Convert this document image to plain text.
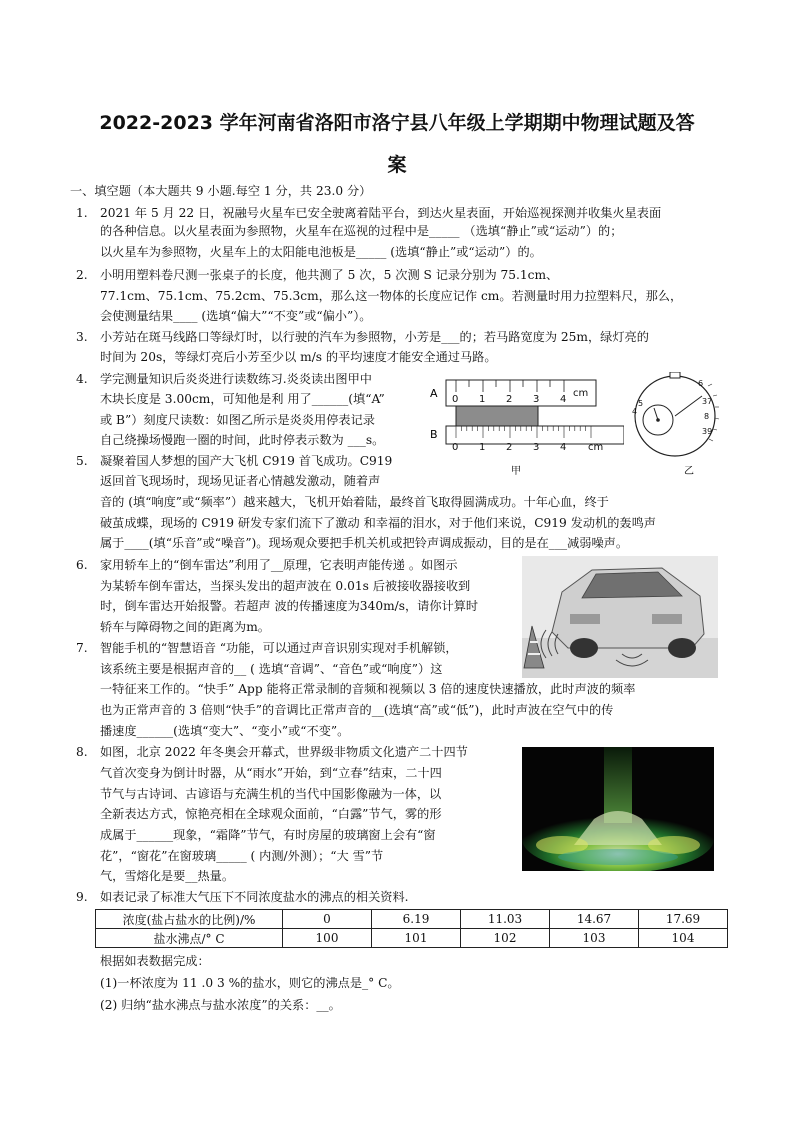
2022-2023 学年河南省洛阳市洛宁县八年级上学期期中物理试题及答
案
一、填空题（本大题共 9 小题.每空 1 分，共 23.0 分）
1. 2021 年 5 月 22 日，祝融号火星车已安全驶离着陆平台，到达火星表面，开始巡视探测并收集火星表面
的各种信息。以火星表面为参照物，火星车在巡视的过程中是_____ （选填“静止”或“运动”）的；
以火星车为参照物，火星车上的太阳能电池板是_____ (选填“静止”或“运动”）的。
2. 小明用塑料卷尺测一张桌子的长度，他共测了 5 次，5 次测 S 记录分别为 75.1cm、
77.1cm、75.1cm、75.2cm、75.3cm，那么这一物体的长度应记作 cm。若测量时用力拉塑料尺，那么，
会使测量结果____ (选填“偏大”“不变”或“偏小”）。
3. 小芳站在斑马线路口等绿灯时，以行驶的汽车为参照物，小芳是___的；若马路宽度为 25m，绿灯亮的
时间为 20s，等绿灯亮后小芳至少以 m/s 的平均速度才能安全通过马路。
4. 学完测量知识后炎炎进行读数练习.炎炎读出图甲中
木块长度是 3.00cm，可知他是利 用了______(填“A”
或 B”）刻度尺读数：如图乙所示是炎炎用停表记录
自己绕操场慢跑一圈的时间，此时停表示数为 ___s。
A 0 1 2 3 4
cm
0 1 2 3 4 cm
B
甲
6
37
8
39
5
4
乙
5. 凝聚着国人梦想的国产大飞机 C919 首飞成功。C919
返回首飞现场时，现场见证者心情越发激动，随着声
音的 (填“响度”或“频率”）越来越大，飞机开始着陆，最终首飞取得圆满成功。十年心血，终于
破茧成蝶，现场的 C919 研发专家们流下了激动 和幸福的泪水，对于他们来说，C919 发动机的轰鸣声
属于____(填“乐音”或“噪音”)。现场观众要把手机关机或把铃声调成振动，目的是在___减弱噪声。
6. 家用轿车上的“倒车雷达”利用了__原理，它表明声能传递 。如图示
为某轿车倒车雷达，当探头发出的超声波在 0.01s 后被接收器接收到
时，倒车雷达开始报警。若超声 波的传播速度为340m/s，请你计算时
轿车与障碍物之间的距离为m。
7. 智能手机的“智慧语音 “功能，可以通过声音识别实现对手机解锁，
该系统主要是根据声音的__ ( 选填“音调”、“音色”或“响度”）这
一特征来工作的。“快手” App 能将正常录制的音频和视频以 3 倍的速度快速播放，此时声波的频率
也为正常声音的 3 倍则“快手”的音调比正常声音的__(选填“高”或“低”)，此时声波在空气中的传
播速度______(选填“变大”、“变小”或“不变”。
8. 如图，北京 2022 年冬奥会开幕式，世界级非物质文化遗产二十四节
气首次变身为倒计时器，从“雨水”开始，到“立春”结束，二十四
节气与古诗词、古谚语与充满生机的当代中国影像融为一体，以
全新表达方式，惊艳亮相在全球观众面前，“白露”节气，雾的形
成属于______现象，“霜降”节气，有时房屋的玻璃窗上会有“窗
花”，“窗花”在窗玻璃_____ ( 内测/外测）；“大 雪”节
气，雪熔化是要__热量。
9. 如表记录了标准大气压下不同浓度盐水的沸点的相关资料.
浓度(盐占盐水的比例)/%	0	6.19	11.03	14.67	17.69
盐水沸点/° C	100	101	102	103	104
根据如表数据完成：
(1)一杯浓度为 11 .0 3 %的盐水，则它的沸点是_° C。
(2) 归纳“盐水沸点与盐水浓度”的关系：__。
